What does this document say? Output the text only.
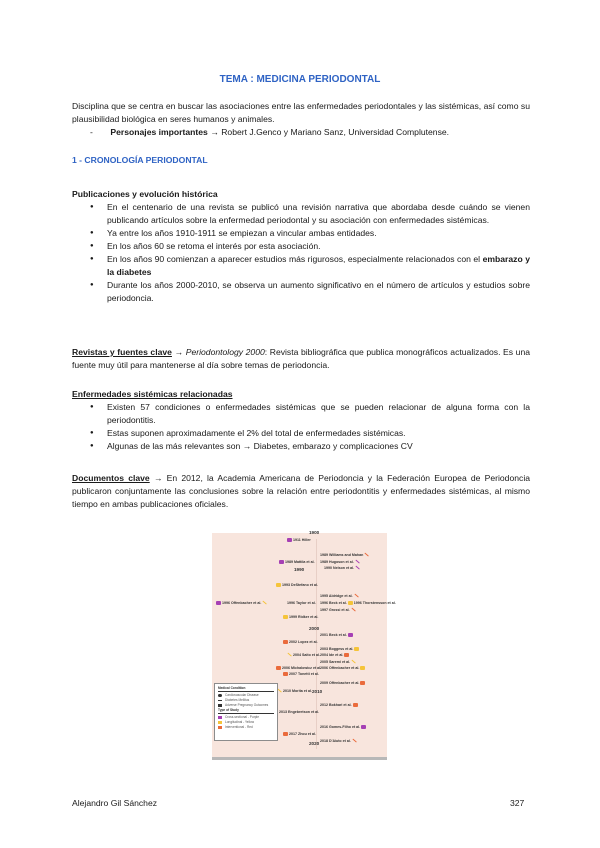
TEMA : MEDICINA PERIODONTAL

Disciplina que se centra en buscar las asociaciones entre las enfermedades periodontales y las sistémicas, así como su plausibilidad biológica en seres humanos y animales.

- Personajes importantes → Robert J.Genco y Mariano Sanz, Universidad Complutense.
1 - CRONOLOGÍA PERIODONTAL
Publicaciones y evolución histórica
● En el centenario de una revista se publicó una revisión narrativa que abordaba desde cuándo se vienen publicando artículos sobre la enfermedad periodontal y su asociación con enfermedades sistémicas.
● Ya entre los años 1910-1911 se empiezan a vincular ambas entidades.
● En los años 60 se retoma el interés por esta asociación.
● En los años 90 comienzan a aparecer estudios más rigurosos, especialmente relacionados con el embarazo y la diabetes
● Durante los años 2000-2010, se observa un aumento significativo en el número de artículos y estudios sobre periodoncia.

Revistas y fuentes clave → Periodontology 2000: Revista bibliográfica que publica monográficos actualizados. Es una fuente muy útil para mantenerse al día sobre temas de periodoncia.

Enfermedades sistémicas relacionadas
● Existen 57 condiciones o enfermedades sistémicas que se pueden relacionar de alguna forma con la periodontitis.
● Estas suponen aproximadamente el 2% del total de enfermedades sistémicas.
● Algunas de las más relevantes son → Diabetes, embarazo y complicaciones CV

Documentos clave → En 2012, la Academia Americana de Periodoncia y la Federación Europea de Periodoncia publicaron conjuntamente las conclusiones sobre la relación entre periodontitis y enfermedades sistémicas, al mismo tiempo en ambas publicaciones oficiales.

1900
1990
2000
2010
2020
1911 Hiller
1989 Williams and Mahan
1989 Mattila et al. 1989 Hugoson et al.
1990 Nelson et al.
1993 DeStefano et al.
1995 Aldridge et al.
1996 Offenbacher et al.	1996 Taylor et al. 1996 Beck et al. 1996 Thorstensson et al.
1997 Grossi et al.
1999 Ridker et al.
2001 Beck et al.
2002 Lopez et al.
2003 Boggess et al.
2004 Saito et al. 2004 Ide et al.
2005 Saremi et al.
2006 Michalowicz et al.
2006 Offenbacher et al.
2007 Tonetti et al.
2009 Offenbacher et al.
2010 Morita et al.
2012 Bokhari et al.
2013 Engebretson et al.
2016 Gomes-Filho et al.
2017 Zhou et al.
2018 D'Aiuto et al.
Medical Condition
Cardiovascular Disease
Diabetes Mellitus
Adverse Pregnancy Outcomes
Type of Study
Cross-sectional - Purple
Longitudinal - Yellow
Interventional - Red
Alejandro Gil Sánchez	327
